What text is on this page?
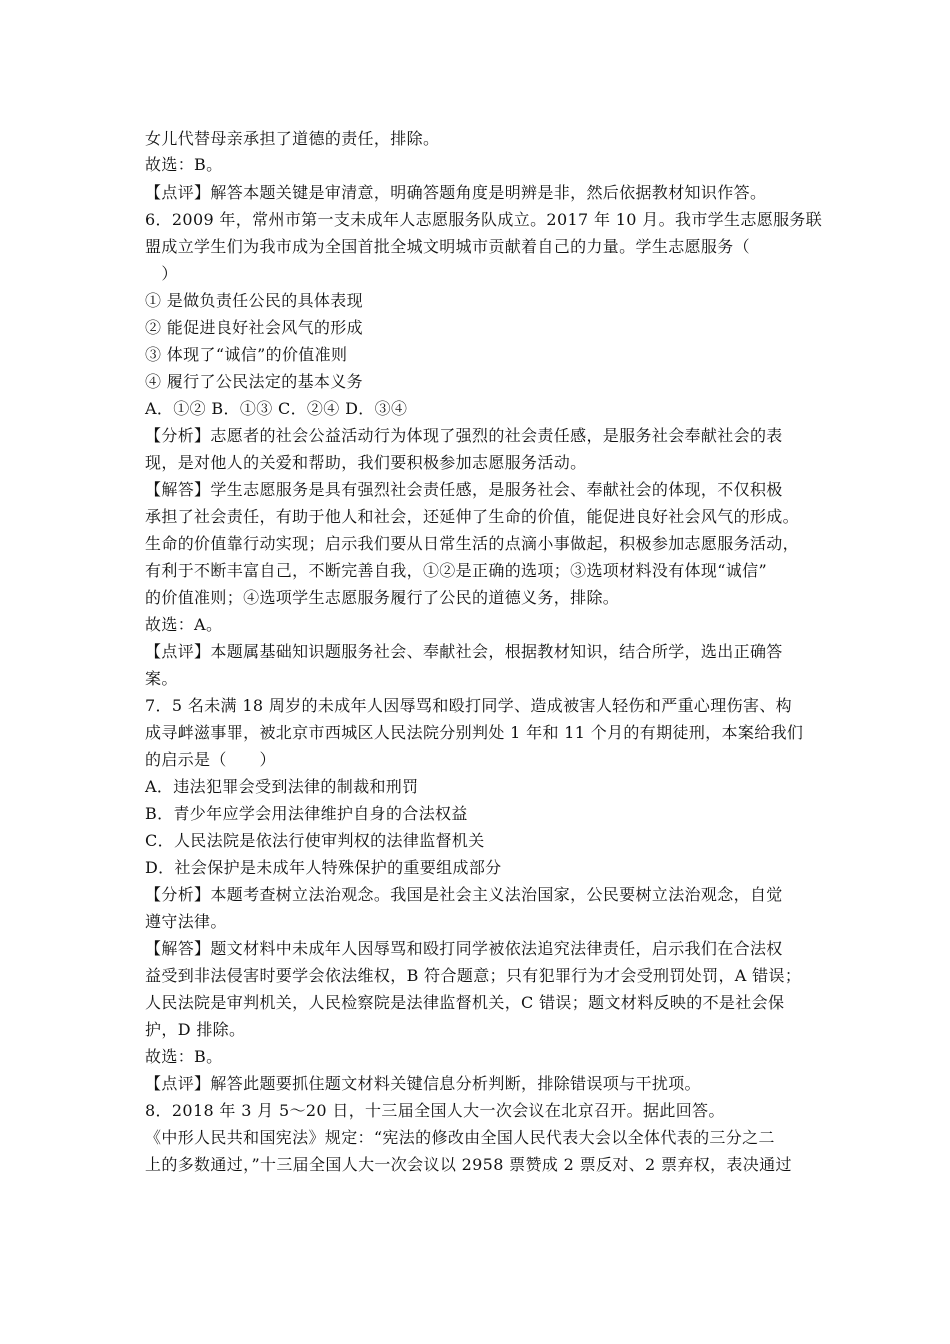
女儿代替母亲承担了道德的责任，排除。
故选：B。
【点评】解答本题关键是审清意，明确答题角度是明辨是非，然后依据教材知识作答。
6．2009 年，常州市第一支未成年人志愿服务队成立。2017 年 10 月。我市学生志愿服务联
盟成立学生们为我市成为全国首批全城文明城市贡献着自己的力量。学生志愿服务（
　）
① 是做负责任公民的具体表现
② 能促进良好社会风气的形成
③ 体现了“诚信”的价值准则
④ 履行了公民法定的基本义务
A．①② B．①③ C．②④ D．③④
【分析】志愿者的社会公益活动行为体现了强烈的社会责任感，是服务社会奉献社会的表
现，是对他人的关爱和帮助，我们要积极参加志愿服务活动。
【解答】学生志愿服务是具有强烈社会责任感，是服务社会、奉献社会的体现，不仅积极
承担了社会责任，有助于他人和社会，还延伸了生命的价值，能促进良好社会风气的形成。
生命的价值靠行动实现；启示我们要从日常生活的点滴小事做起，积极参加志愿服务活动，
有利于不断丰富自己，不断完善自我，①②是正确的选项；③选项材料没有体现“诚信”
的价值准则；④选项学生志愿服务履行了公民的道德义务，排除。
故选：A。
【点评】本题属基础知识题服务社会、奉献社会，根据教材知识，结合所学，选出正确答
案。
7．5 名未满 18 周岁的未成年人因辱骂和殴打同学、造成被害人轻伤和严重心理伤害、构
成寻衅滋事罪，被北京市西城区人民法院分别判处 1 年和 11 个月的有期徒刑，本案给我们
的启示是（　　）
A．违法犯罪会受到法律的制裁和刑罚
B．青少年应学会用法律维护自身的合法权益
C．人民法院是依法行使审判权的法律监督机关
D．社会保护是未成年人特殊保护的重要组成部分
【分析】本题考查树立法治观念。我国是社会主义法治国家，公民要树立法治观念，自觉
遵守法律。
【解答】题文材料中未成年人因辱骂和殴打同学被依法追究法律责任，启示我们在合法权
益受到非法侵害时要学会依法维权，B 符合题意；只有犯罪行为才会受刑罚处罚，A 错误；
人民法院是审判机关，人民检察院是法律监督机关，C 错误；题文材料反映的不是社会保
护，D 排除。
故选：B。
【点评】解答此题要抓住题文材料关键信息分析判断，排除错误项与干扰项。
8．2018 年 3 月 5～20 日，十三届全国人大一次会议在北京召开。据此回答。
《中形人民共和国宪法》规定：“宪法的修改由全国人民代表大会以全体代表的三分之二
上的多数通过，”十三届全国人大一次会议以 2958 票赞成 2 票反对、2 票弃权，表决通过
